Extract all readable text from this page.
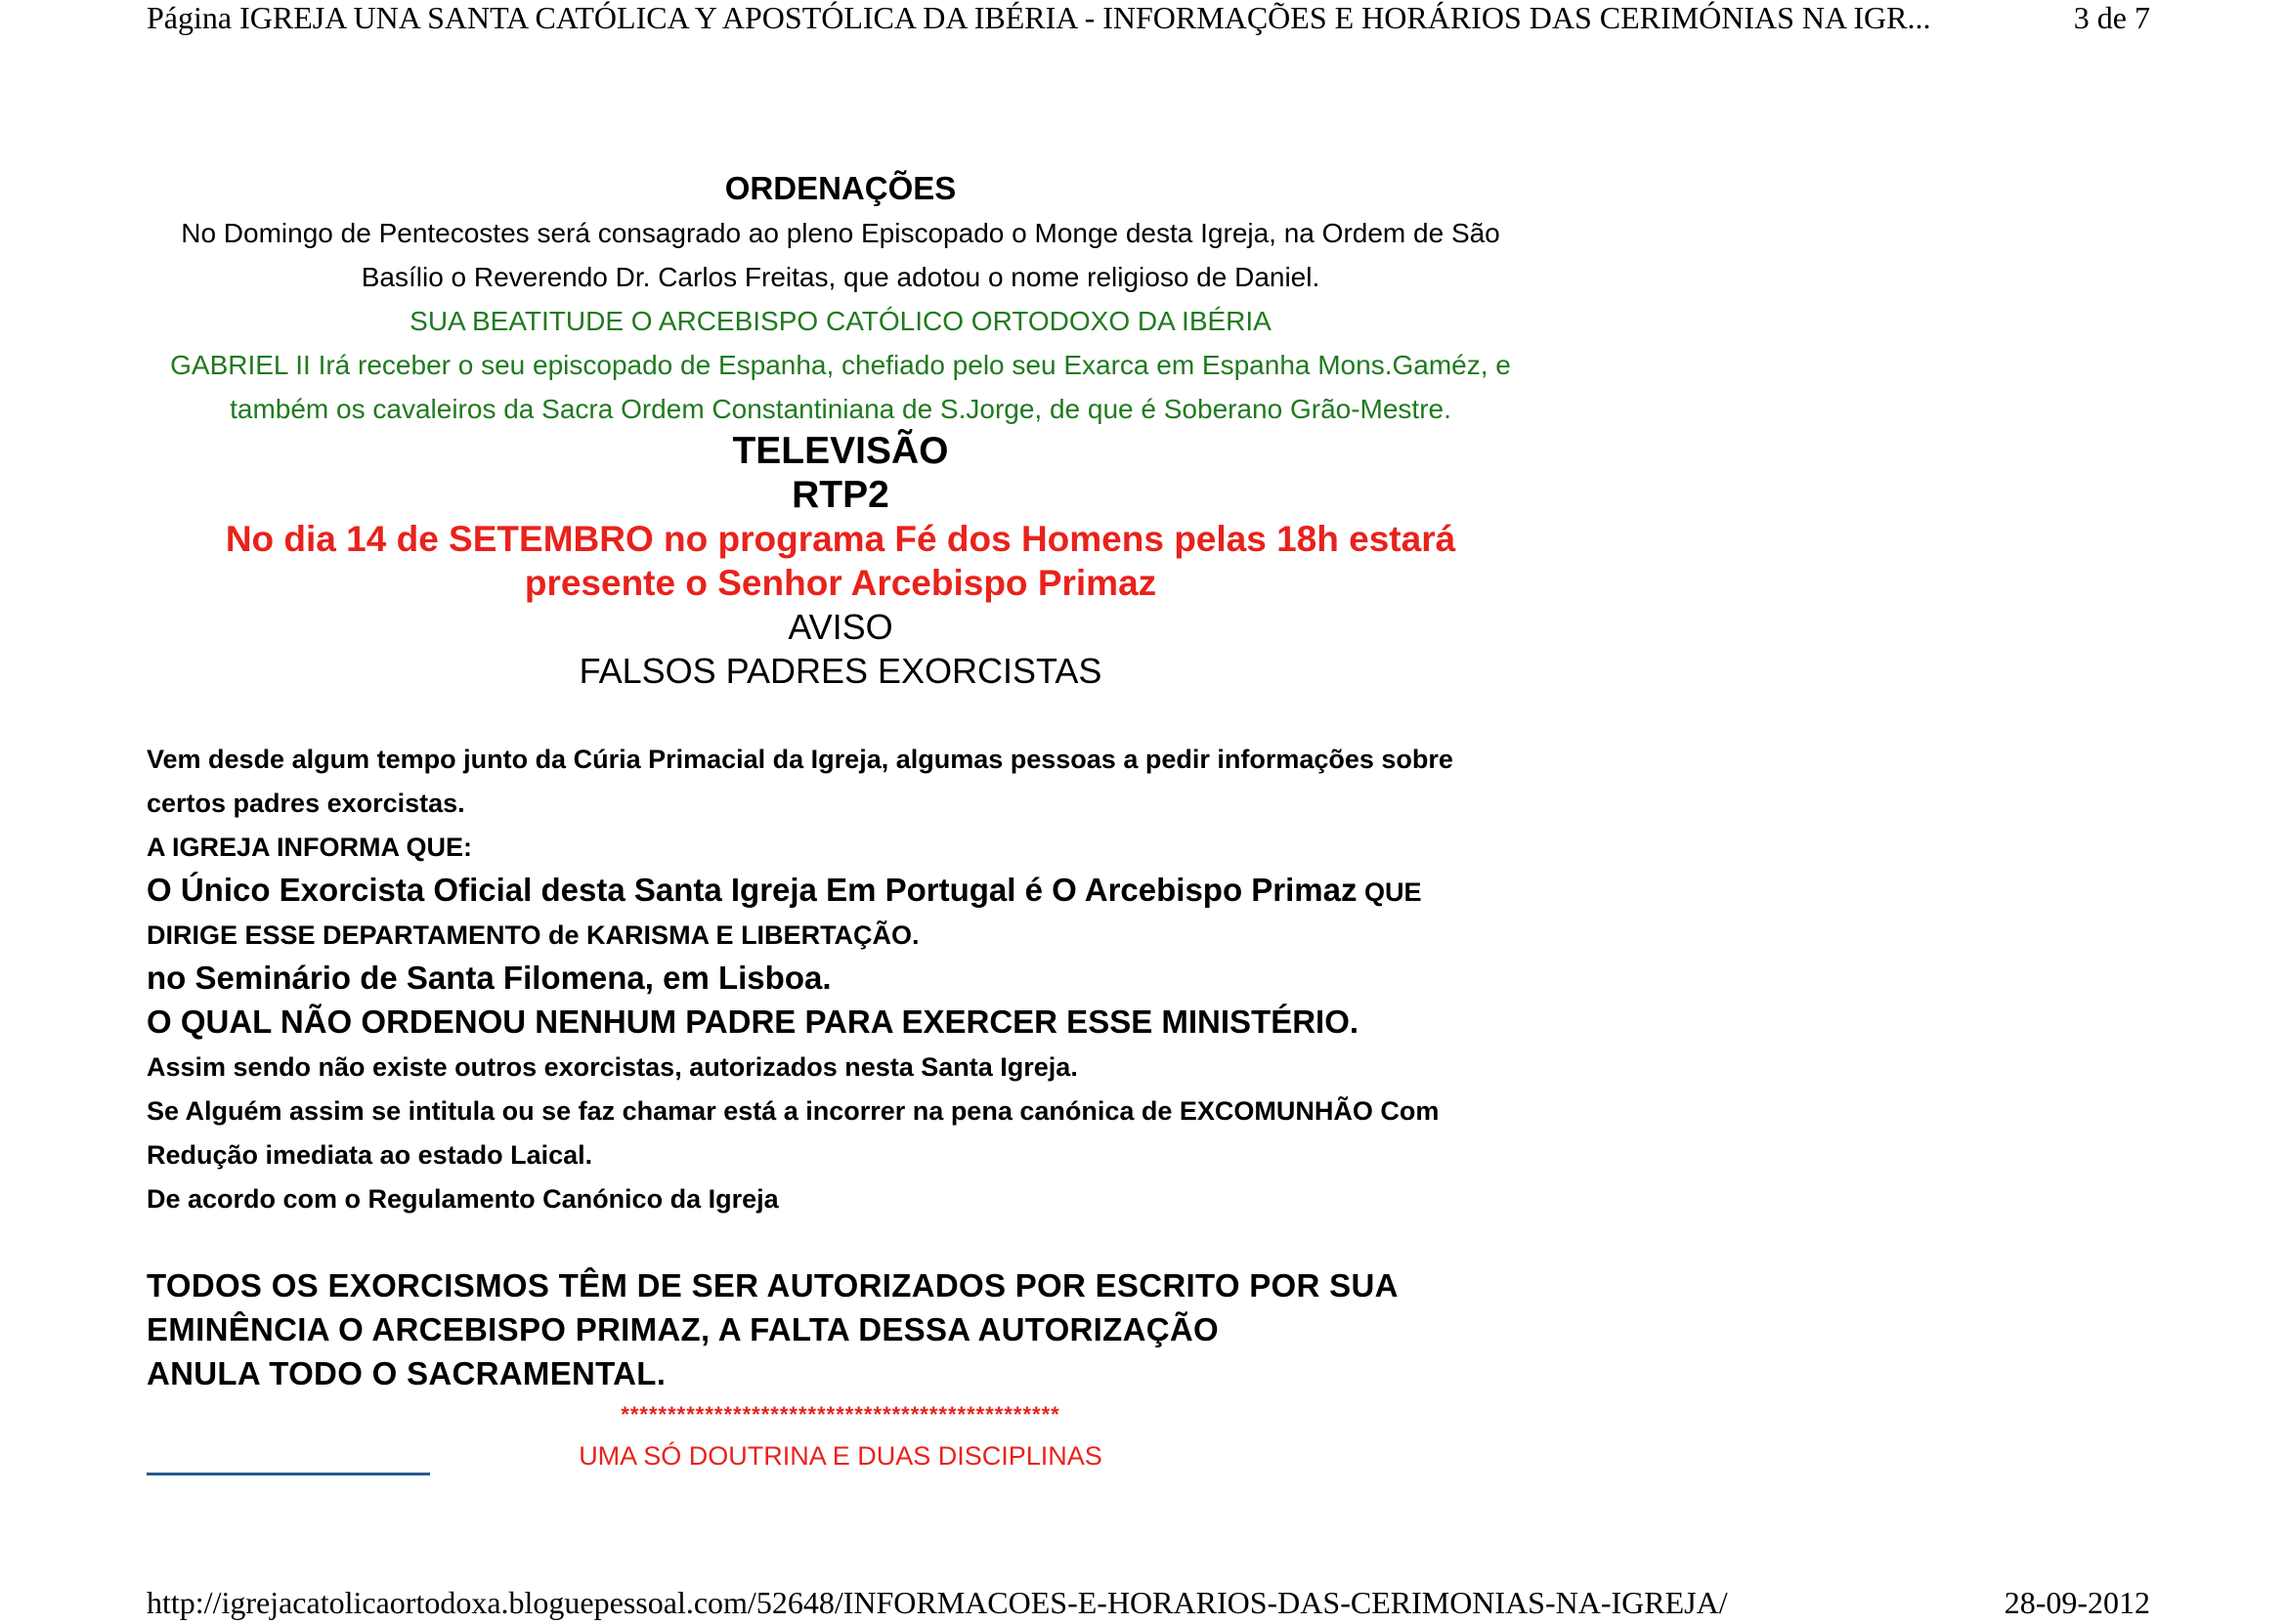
Página IGREJA UNA SANTA CATÓLICA Y APOSTÓLICA DA IBÉRIA - INFORMAÇÕES E HORÁRIOS DAS CERIMÓNIAS NA IGR...	3 de 7
ORDENAÇÕES
No Domingo de Pentecostes será consagrado ao pleno Episcopado o Monge desta Igreja, na Ordem de São
Basílio o Reverendo Dr. Carlos Freitas, que adotou o nome religioso de Daniel.
SUA BEATITUDE O ARCEBISPO CATÓLICO ORTODOXO DA IBÉRIA
GABRIEL II Irá receber o seu episcopado de Espanha, chefiado pelo seu Exarca em Espanha Mons.Gaméz, e
também os cavaleiros da Sacra Ordem Constantiniana de S.Jorge, de que é Soberano Grão-Mestre.
TELEVISÃO
RTP2
No dia 14 de SETEMBRO no programa Fé dos Homens pelas 18h estará
presente o Senhor Arcebispo Primaz
AVISO
FALSOS PADRES EXORCISTAS
Vem desde algum tempo junto da Cúria Primacial da Igreja, algumas pessoas a pedir informações sobre
certos padres exorcistas.
A IGREJA INFORMA QUE:
O Único Exorcista Oficial desta Santa Igreja Em Portugal é O Arcebispo Primaz QUE
DIRIGE ESSE DEPARTAMENTO de KARISMA E LIBERTAÇÃO.
no Seminário de Santa Filomena, em Lisboa.
O QUAL NÃO ORDENOU NENHUM PADRE PARA EXERCER ESSE MINISTÉRIO.
Assim sendo não existe outros exorcistas, autorizados nesta Santa Igreja.
Se Alguém assim se intitula ou se faz chamar está a incorrer na pena canónica de EXCOMUNHÃO Com
Redução imediata ao estado Laical.
De acordo com o Regulamento Canónico da Igreja
TODOS OS EXORCISMOS TÊM DE SER AUTORIZADOS POR ESCRITO POR SUA
EMINÊNCIA O ARCEBISPO PRIMAZ, A FALTA DESSA AUTORIZAÇÃO
ANULA TODO O SACRAMENTAL.
***********************************************
UMA SÓ DOUTRINA E DUAS DISCIPLINAS
http://igrejacatolicaortodoxa.bloguepessoal.com/52648/INFORMACOES-E-HORARIOS-DAS-CERIMONIAS-NA-IGREJA/	28-09-2012
